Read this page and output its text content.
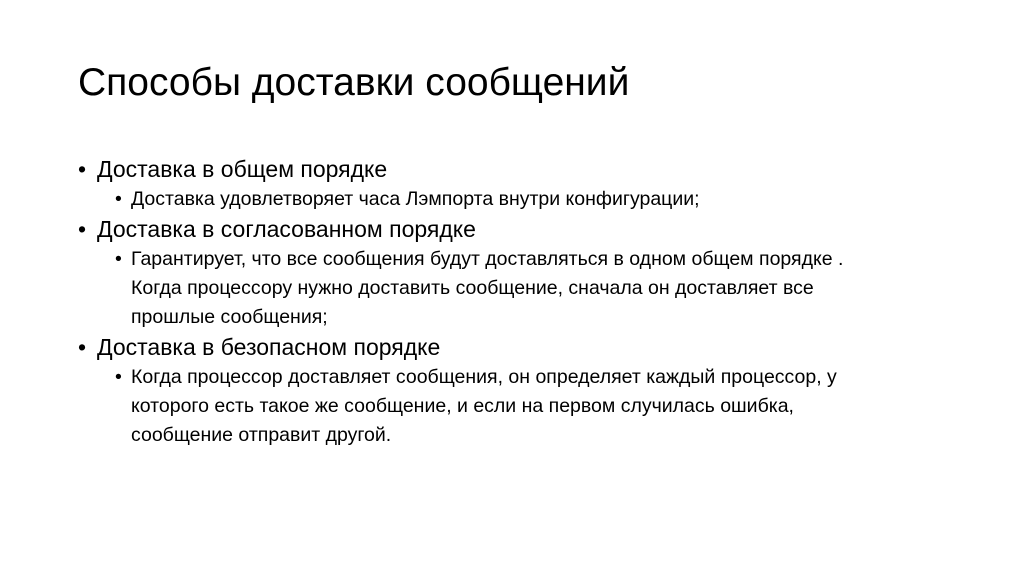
Способы доставки сообщений
• Доставка в общем порядке
• Доставка удовлетворяет часа Лэмпорта внутри конфигурации;
• Доставка в согласованном порядке
• Гарантирует, что все сообщения будут доставляться в одном общем порядке . Когда процессору нужно доставить сообщение, сначала он доставляет все прошлые сообщения;
• Доставка в безопасном порядке
• Когда процессор доставляет сообщения, он определяет каждый процессор, у которого есть такое же сообщение, и если на первом случилась ошибка, сообщение отправит другой.
